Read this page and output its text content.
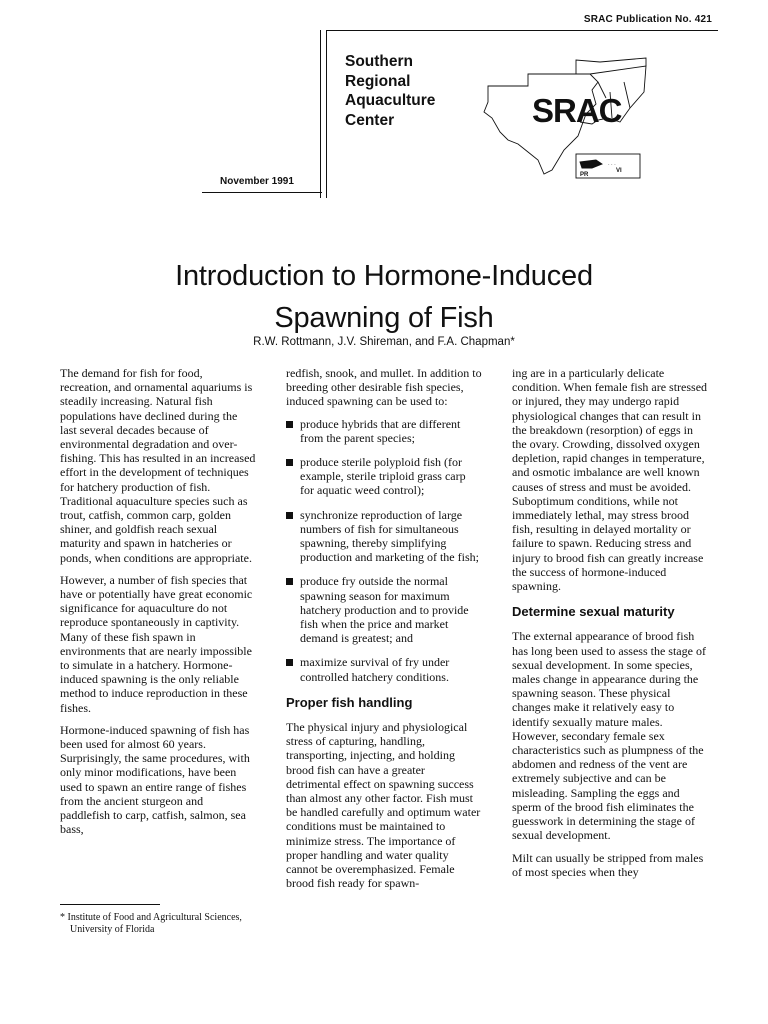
SRAC Publication No. 421
November 1991
Southern
Regional
Aquaculture
Center
· · ·
SRAC
PR
VI
Introduction to Hormone-Induced
Spawning of Fish
R.W. Rottmann, J.V. Shireman, and F.A. Chapman*

The demand for fish for food, recreation, and ornamental aquariums is steadily increasing. Natural fish populations have declined during the last several decades because of environmental degradation and over-fishing. This has resulted in an increased effort in the development of techniques for hatchery production of fish. Traditional aquaculture species such as trout, catfish, common carp, golden shiner, and goldfish reach sexual maturity and spawn in hatcheries or ponds, when conditions are appropriate.

However, a number of fish species that have or potentially have great economic significance for aquaculture do not reproduce spontaneously in captivity. Many of these fish spawn in environments that are nearly impossible to simulate in a hatchery. Hormone-induced spawning is the only reliable method to induce reproduction in these fishes.

Hormone-induced spawning of fish has been used for almost 60 years. Surprisingly, the same procedures, with only minor modifications, have been used to spawn an entire range of fishes from the ancient sturgeon and paddlefish to carp, catfish, salmon, sea bass,

redfish, snook, and mullet. In addition to breeding other desirable fish species, induced spawning can be used to:

produce hybrids that are different from the parent species;
produce sterile polyploid fish (for example, sterile triploid grass carp for aquatic weed control);
synchronize reproduction of large numbers of fish for simultaneous spawning, thereby simplifying production and marketing of the fish;
produce fry outside the normal spawning season for maximum hatchery production and to provide fish when the price and market demand is greatest; and
maximize survival of fry under controlled hatchery conditions.
Proper fish handling

The physical injury and physiological stress of capturing, handling, transporting, injecting, and holding brood fish can have a greater detrimental effect on spawning success than almost any other factor. Fish must be handled carefully and optimum water conditions must be maintained to minimize stress. The importance of proper handling and water quality cannot be overemphasized. Female brood fish ready for spawn-

ing are in a particularly delicate condition. When female fish are stressed or injured, they may undergo rapid physiological changes that can result in the breakdown (resorption) of eggs in the ovary. Crowding, dissolved oxygen depletion, rapid changes in temperature, and osmotic imbalance are well known causes of stress and must be avoided. Suboptimum conditions, while not immediately lethal, may stress brood fish, resulting in delayed mortality or failure to spawn. Reducing stress and injury to brood fish can greatly increase the success of hormone-induced spawning.

Determine sexual maturity

The external appearance of brood fish has long been used to assess the stage of sexual development. In some species, males change in appearance during the spawning season. These physical changes make it relatively easy to identify sexually mature males. However, secondary female sex characteristics such as plumpness of the abdomen and redness of the vent are extremely subjective and can be misleading. Sampling the eggs and sperm of the brood fish eliminates the guesswork in determining the stage of sexual development.

Milt can usually be stripped from males of most species when they

* Institute of Food and Agricultural Sciences,
University of Florida
